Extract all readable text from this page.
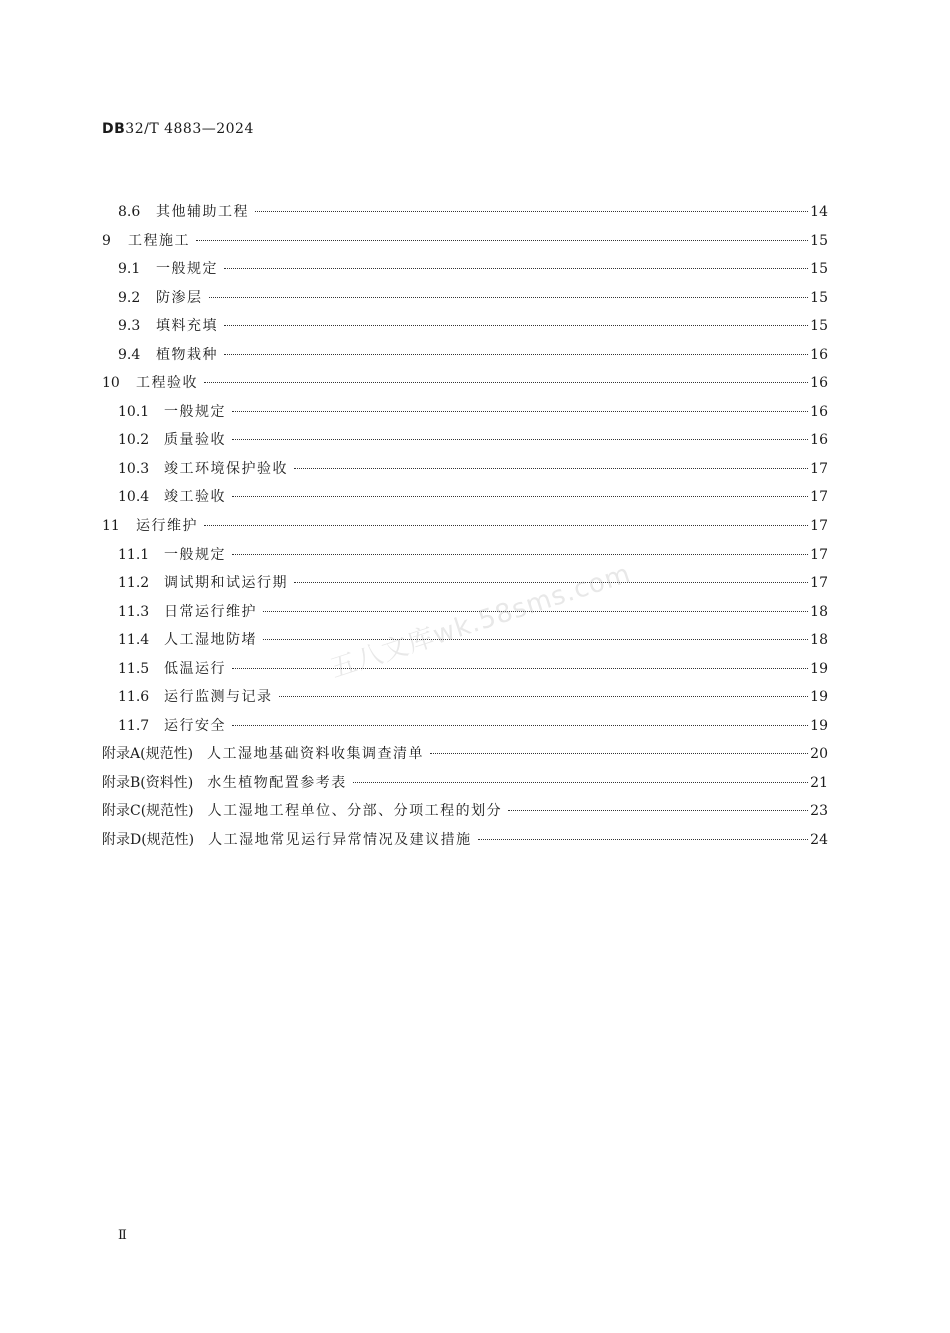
DB32/T 4883—2024
8.6	其他辅助工程	14
9	工程施工	15
9.1	一般规定	15
9.2	防渗层	15
9.3	填料充填	15
9.4	植物栽种	16
10	工程验收	16
10.1	一般规定	16
10.2	质量验收	16
10.3	竣工环境保护验收	17
10.4	竣工验收	17
11	运行维护	17
11.1	一般规定	17
11.2	调试期和试运行期	17
11.3	日常运行维护	18
11.4	人工湿地防堵	18
11.5	低温运行	19
11.6	运行监测与记录	19
11.7	运行安全	19
附录A(规范性) 人工湿地基础资料收集调查清单	20
附录B(资料性) 水生植物配置参考表	21
附录C(规范性) 人工湿地工程单位、分部、分项工程的划分	23
附录D(规范性) 人工湿地常见运行异常情况及建议措施	24
五八文库wk.58sms.com
Ⅱ
